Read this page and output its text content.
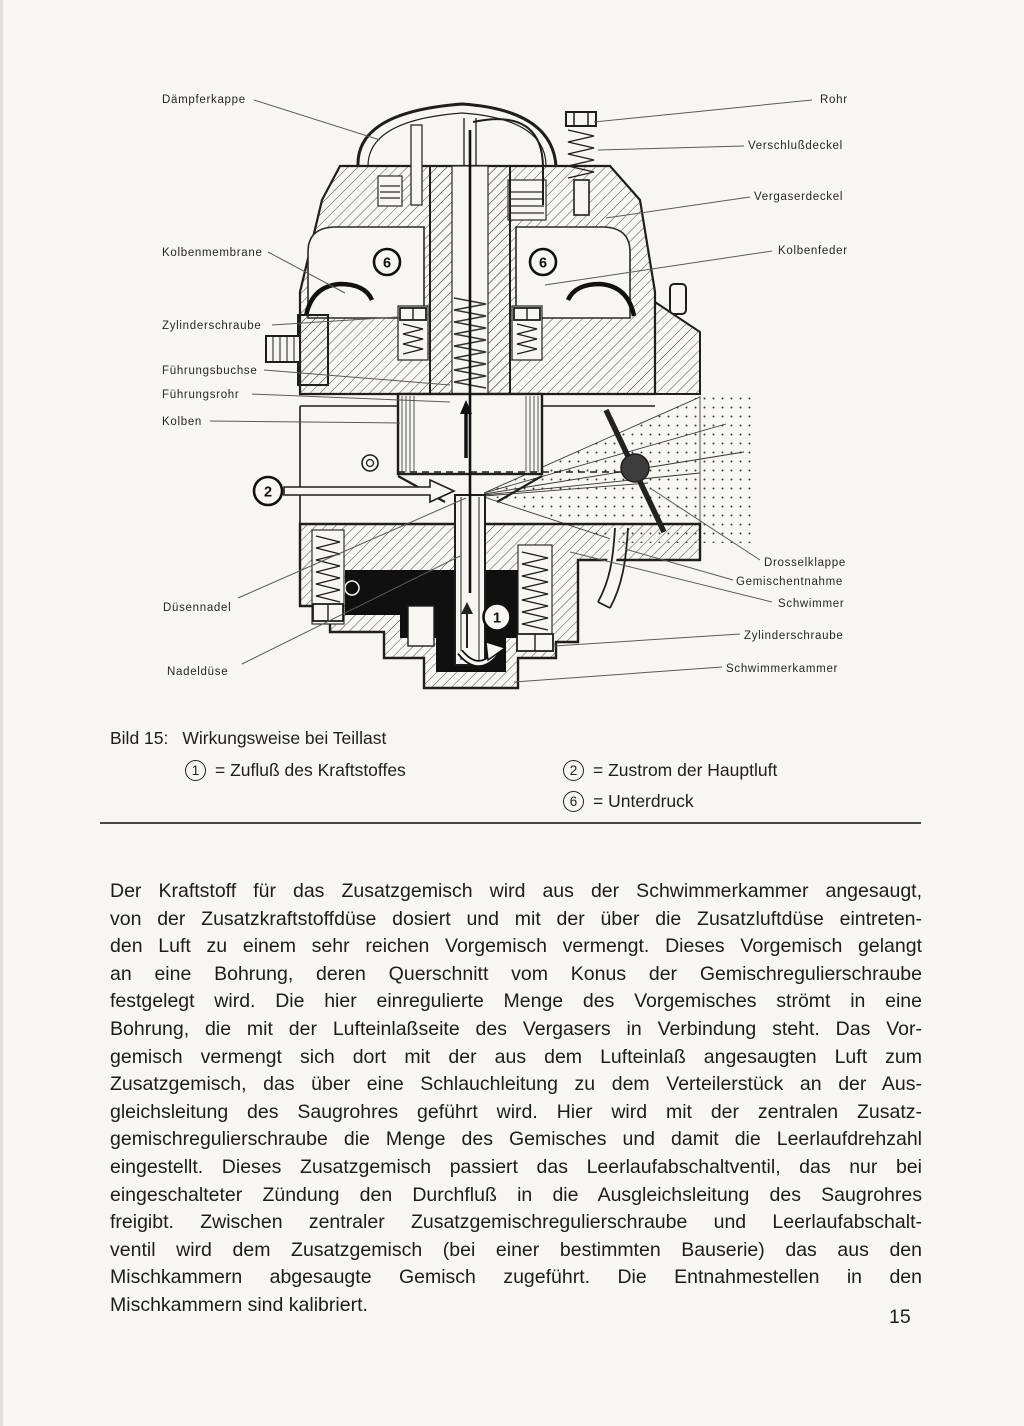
2
1
6	6
Dämpferkappe
Kolbenmembrane
Zylinderschraube
Führungsbuchse
Führungsrohr
Kolben
Düsennadel
Nadeldüse
Rohr
Verschlußdeckel
Vergaserdeckel
Kolbenfeder
Drosselklappe
Gemischentnahme
Schwimmer
Zylinderschraube
Schwimmerkammer
Bild 15: Wirkungsweise bei Teillast
1 = Zufluß des Kraftstoffes	2 = Zustrom der Hauptluft
6 = Unterdruck
Der Kraftstoff für das Zusatzgemisch wird aus der Schwimmerkammer angesaugt,
von der Zusatzkraftstoffdüse dosiert und mit der über die Zusatzluftdüse eintreten-
den Luft zu einem sehr reichen Vorgemisch vermengt. Dieses Vorgemisch gelangt
an eine Bohrung, deren Querschnitt vom Konus der Gemischregulierschraube
festgelegt wird. Die hier einregulierte Menge des Vorgemisches strömt in eine
Bohrung, die mit der Lufteinlaßseite des Vergasers in Verbindung steht. Das Vor-
gemisch vermengt sich dort mit der aus dem Lufteinlaß angesaugten Luft zum
Zusatzgemisch, das über eine Schlauchleitung zu dem Verteilerstück an der Aus-
gleichsleitung des Saugrohres geführt wird. Hier wird mit der zentralen Zusatz-
gemischregulierschraube die Menge des Gemisches und damit die Leerlaufdrehzahl
eingestellt. Dieses Zusatzgemisch passiert das Leerlaufabschaltventil, das nur bei
eingeschalteter Zündung den Durchfluß in die Ausgleichsleitung des Saugrohres
freigibt. Zwischen zentraler Zusatzgemischregulierschraube und Leerlaufabschalt-
ventil wird dem Zusatzgemisch (bei einer bestimmten Bauserie) das aus den
Mischkammern abgesaugte Gemisch zugeführt. Die Entnahmestellen in den
Mischkammern sind kalibriert.
15
